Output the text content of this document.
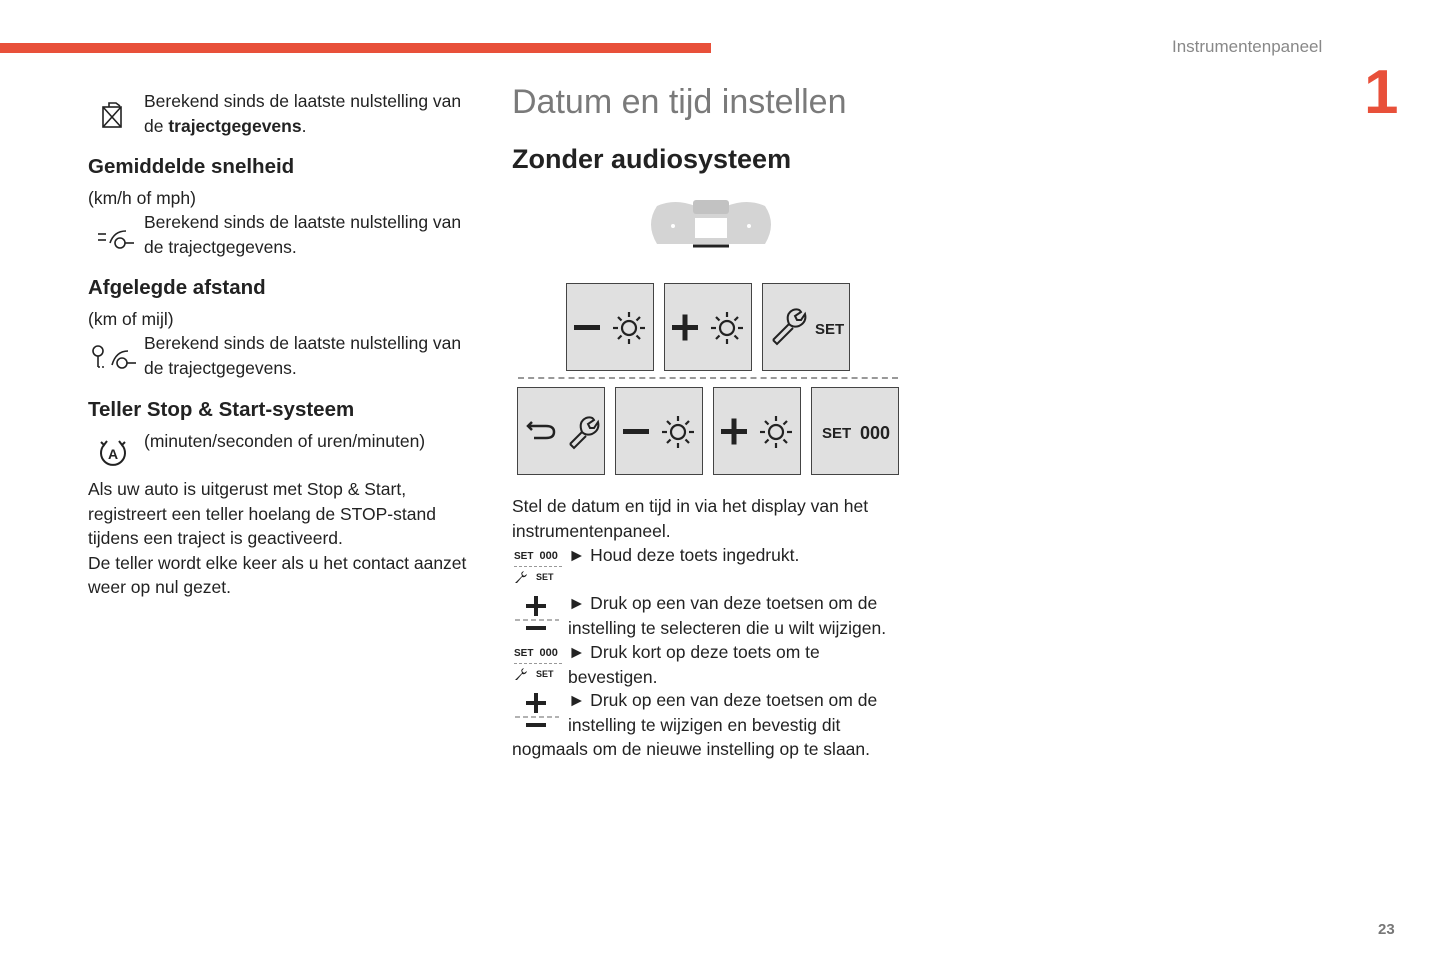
Instrumentenpaneel
1
23
Berekend sinds de laatste nulstelling van
de trajectgegevens.
Gemiddelde snelheid
(km/h of mph)
Berekend sinds de laatste nulstelling van
de trajectgegevens.
Afgelegde afstand
(km of mijl)
Berekend sinds de laatste nulstelling van
de trajectgegevens.
Teller Stop & Start-systeem
A
(minuten/seconden of uren/minuten)
Als uw auto is uitgerust met Stop & Start,
registreert een teller hoelang de STOP-stand
tijdens een traject is geactiveerd.
De teller wordt elke keer als u het contact aanzet
weer op nul gezet.
Datum en tijd instellen
Zonder audiosysteem
SET
SET 000
Stel de datum en tijd in via het display van het
instrumentenpaneel.
SET 000
SET
► Houd deze toets ingedrukt.
► Druk op een van deze toetsen om de
instelling te selecteren die u wilt wijzigen.
SET 000
SET
► Druk kort op deze toets om te
bevestigen.
► Druk op een van deze toetsen om de
instelling te wijzigen en bevestig dit
nogmaals om de nieuwe instelling op te slaan.
